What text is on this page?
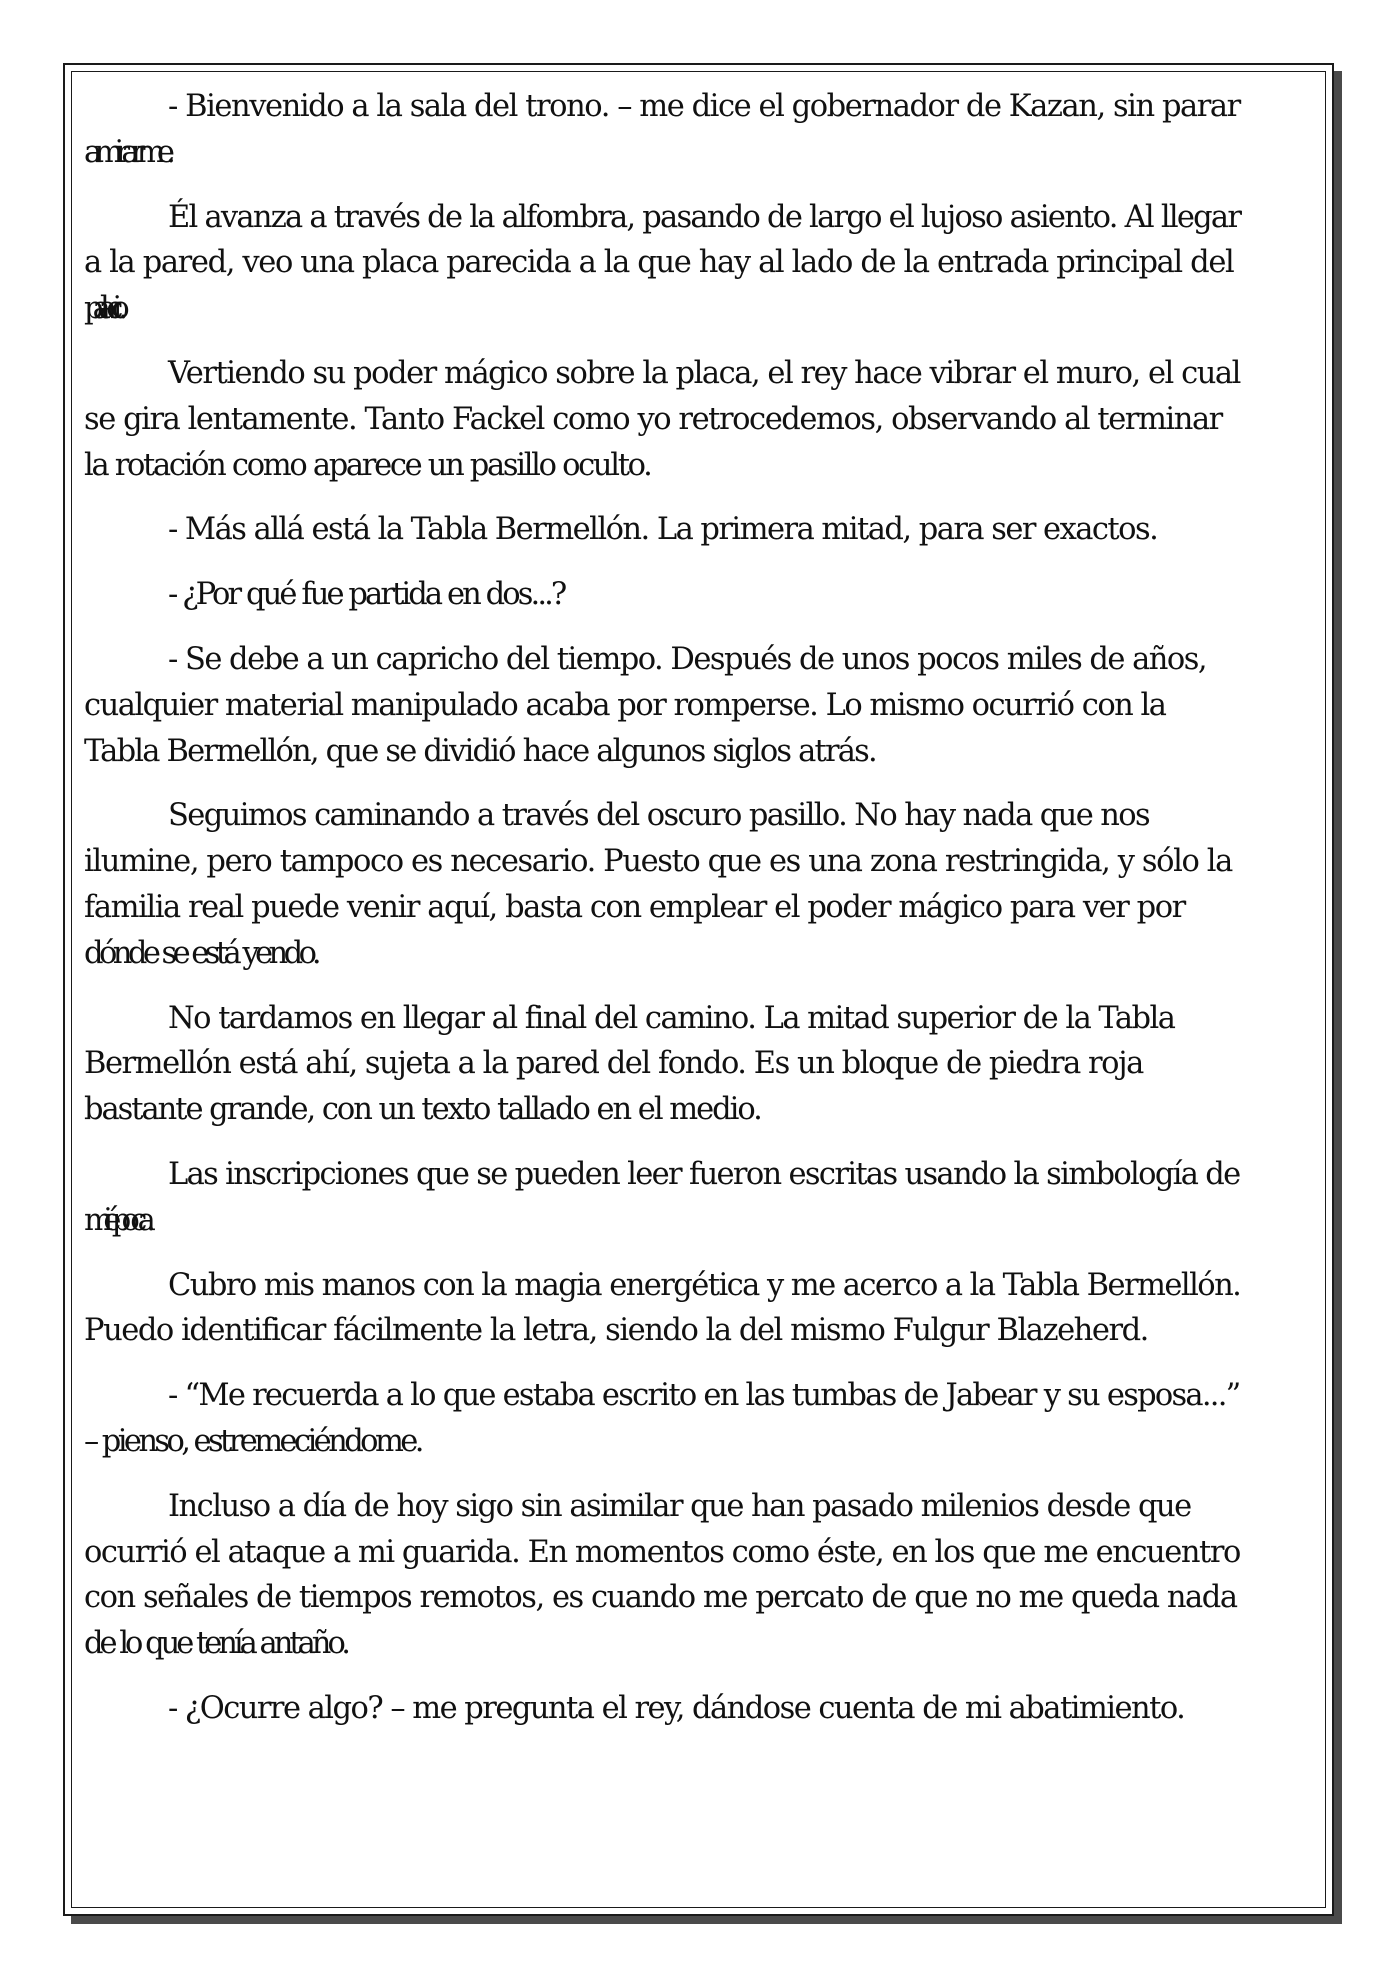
- Bienvenido a la sala del trono. – me dice el gobernador de Kazan, sin parar
a mirarme.

Él avanza a través de la alfombra, pasando de largo el lujoso asiento. Al llegar
a la pared, veo una placa parecida a la que hay al lado de la entrada principal del
palacio.

Vertiendo su poder mágico sobre la placa, el rey hace vibrar el muro, el cual
se gira lentamente. Tanto Fackel como yo retrocedemos, observando al terminar
la rotación como aparece un pasillo oculto.

- Más allá está la Tabla Bermellón. La primera mitad, para ser exactos.

- ¿Por qué fue partida en dos...?

- Se debe a un capricho del tiempo. Después de unos pocos miles de años,
cualquier material manipulado acaba por romperse. Lo mismo ocurrió con la
Tabla Bermellón, que se dividió hace algunos siglos atrás.

Seguimos caminando a través del oscuro pasillo. No hay nada que nos
ilumine, pero tampoco es necesario. Puesto que es una zona restringida, y sólo la
familia real puede venir aquí, basta con emplear el poder mágico para ver por
dónde se está yendo.

No tardamos en llegar al final del camino. La mitad superior de la Tabla
Bermellón está ahí, sujeta a la pared del fondo. Es un bloque de piedra roja
bastante grande, con un texto tallado en el medio.

Las inscripciones que se pueden leer fueron escritas usando la simbología de
mi época.

Cubro mis manos con la magia energética y me acerco a la Tabla Bermellón.
Puedo identificar fácilmente la letra, siendo la del mismo Fulgur Blazeherd.

- “Me recuerda a lo que estaba escrito en las tumbas de Jabear y su esposa...”
– pienso, estremeciéndome.

Incluso a día de hoy sigo sin asimilar que han pasado milenios desde que
ocurrió el ataque a mi guarida. En momentos como éste, en los que me encuentro
con señales de tiempos remotos, es cuando me percato de que no me queda nada
de lo que tenía antaño.

- ¿Ocurre algo? – me pregunta el rey, dándose cuenta de mi abatimiento.
